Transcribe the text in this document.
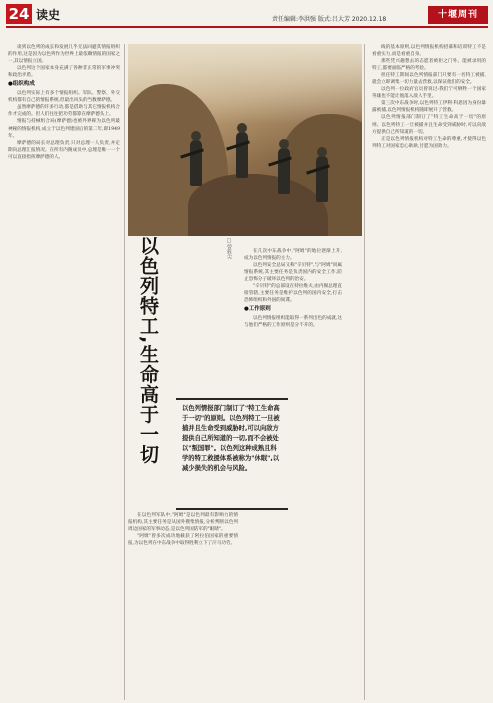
24 读史	责任编辑:李洪强 版式:吕大芳 2020.12.18	十堰周刊

谈到以色列的成长和发展几乎无法回避其情报组织的作用,这是因为以色列作为世界上最依赖情报的国家之一,其以情报立国。

以色列这个国家本身充满了各种非正常的军事冲突和政治矛盾。

●组织构成

以色列实际上有多个情报组织。军队、警察、外交机构都有自己的情报系统,但最出风头的当数摩萨德。

虽然摩萨德的许多行动,都是借助与其它情报机构合作才完成的。但人们往往把功劳都算在摩萨德头上。

情报与持械组合局(摩萨德)也被外界称为以色列最神秘的情报机构,成立于以色列建国后的第二年,即1949年。

摩萨德的局长对总理负责,只对总理一人负责,并定期向总理汇报情况。在所有内阁成员中,总理是唯一一个可以直接指挥摩萨德的人。

以色列特工,生命高于一切	□曾筱尖

以色列情报部门制订了"特工生命高于一切"的原则。以色列特工一旦被捕并且生命受到威胁时,可以向敌方提供自己所知道的一切,而不会被处以"叛国罪"。以色列这种成熟且科学的特工救援体系被称为"休眠",以减少损失的机会与风险。

在以色列军队中,"阿姆"是以色列最有影响力的情报机构,其主要任务是从国外搜集情报,分析判断以色列周边国家的军事动态,是以色列国防军的"眼睛"。

"阿姆"曾多次成功地截获了阿拉伯国家的重要情报,为以色列在中东战争中取得胜利立下了汗马功劳。

在几次中东战争中,"阿姆"的地位逐渐上升,成为以色列情报的主力。

以色列安全总局又称"辛贝特",与"阿姆"同属情报系统,其主要任务是负责国内的安全工作,防止恐怖分子破坏以色列的治安。

"辛贝特"的总部设在特拉维夫,由内阁总理直接管辖,主要任务是维护以色列的国内安全,打击恐怖组织和外国的间谍。

●工作原则

以色列情报组织能取得一系列出色的成就,这与他们严格的工作原则是分不开的。

线的基本原则,以色列情报机构招募和培训特工不是看重实力,而是看重自身。

那些凭兴趣想去的志愿者被拒之门外。能被录用的特工,都要面临严格的考验。

担任特工期间以色列情报部门只要有一名特工被捕,就会立即调集一切力量去营救,以保证他们的安全。

以色列一位政府官员曾说过:我们宁可牺牲一个国家英雄也不能让他落入敌人手里。

第三次中东战争时,以色列特工伊利·科恩因为身份暴露被捕,以色列情报机构随即展开了营救。

以色列情报部门制订了"特工生命高于一切"的原则。以色列特工一旦被捕并且生命受到威胁时,可以向敌方提供自己所知道的一切。

正是以色列情报机构对特工生命的尊重,才使得以色列特工对国家忠心耿耿,甘愿为国效力。
